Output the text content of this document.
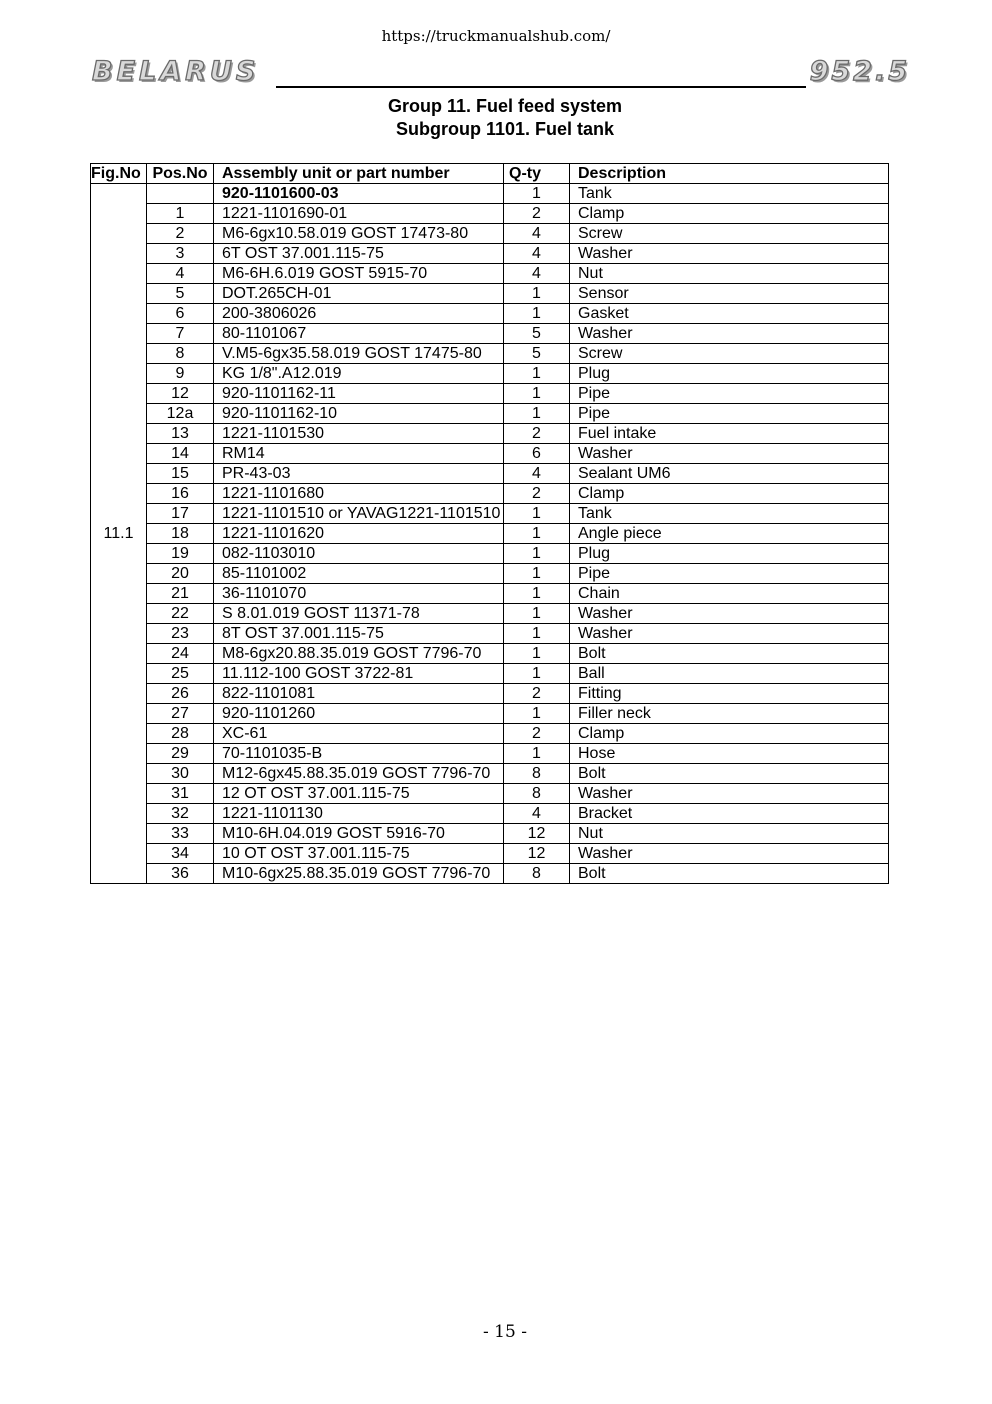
https://truckmanualshub.com/
BELARUS	952.5
Group 11. Fuel feed system
Subgroup 1101. Fuel tank
Fig.No	Pos.No	Assembly unit or part number	Q-ty	Description
11.1		920-1101600-03	1	Tank
	1	1221-1101690-01	2	Clamp
	2	M6-6gx10.58.019 GOST 17473-80	4	Screw
	3	6T OST 37.001.115-75	4	Washer
	4	M6-6H.6.019 GOST 5915-70	4	Nut
	5	DOT.265CH-01	1	Sensor
	6	200-3806026	1	Gasket
	7	80-1101067	5	Washer
	8	V.M5-6gx35.58.019 GOST 17475-80	5	Screw
	9	KG 1/8".A12.019	1	Plug
	12	920-1101162-11	1	Pipe
	12a	920-1101162-10	1	Pipe
	13	1221-1101530	2	Fuel intake
	14	RM14	6	Washer
	15	PR-43-03	4	Sealant UM6
	16	1221-1101680	2	Clamp
	17	1221-1101510 or YAVAG1221-1101510	1	Tank
	18	1221-1101620	1	Angle piece
	19	082-1103010	1	Plug
	20	85-1101002	1	Pipe
	21	36-1101070	1	Chain
	22	S 8.01.019 GOST 11371-78	1	Washer
	23	8T OST 37.001.115-75	1	Washer
	24	M8-6gx20.88.35.019 GOST 7796-70	1	Bolt
	25	11.112-100 GOST 3722-81	1	Ball
	26	822-1101081	2	Fitting
	27	920-1101260	1	Filler neck
	28	XC-61	2	Clamp
	29	70-1101035-B	1	Hose
	30	M12-6gx45.88.35.019 GOST 7796-70	8	Bolt
	31	12 OT OST 37.001.115-75	8	Washer
	32	1221-1101130	4	Bracket
	33	M10-6H.04.019 GOST 5916-70	12	Nut
	34	10 OT OST 37.001.115-75	12	Washer
	36	M10-6gx25.88.35.019 GOST 7796-70	8	Bolt
- 15 -
